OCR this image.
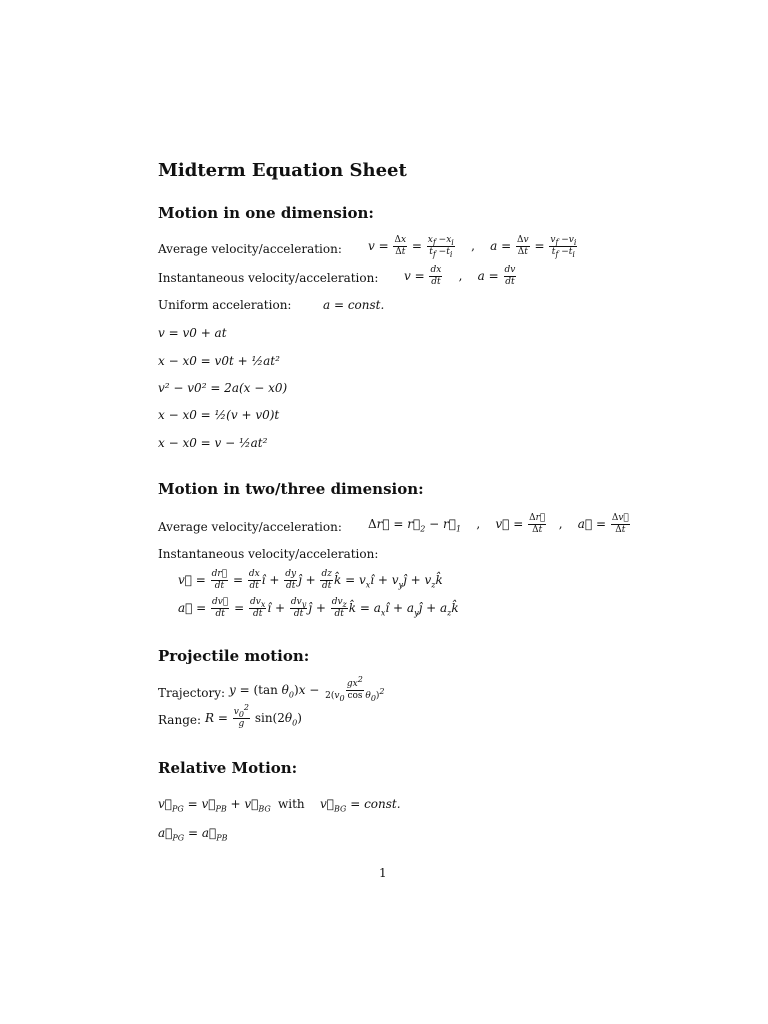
Midterm Equation Sheet
Motion in one dimension:
Average velocity/acceleration: $v = \frac{\Delta x}{\Delta t} = \frac{x_f -x_i}{t_f -t_i}$ ,    $a = \frac{\Delta v}{\Delta t} = \frac{v_f -v_i}{t_f -t_i}$
Instantaneous velocity/acceleration: $v = \frac{dx}{dt}$ ,    $a = \frac{dv}{dt}$
Uniform acceleration:	a = const.
v = v0 + at
x − x0 = v0t + ½at²
v² − v0² = 2a(x − x0)
x − x0 = ½(v + v0)t
x − x0 = v − ½at²
Motion in two/three dimension:
Average velocity/acceleration: Δr⃗ = $r⃗_2$ − $r⃗_1$ ,    v⃗ = $\frac{\Delta r⃗}{\Delta t}$ ,    a⃗ = $\frac{\Delta v⃗}{\Delta t}$
Instantaneous velocity/acceleration:
v⃗ = $\frac{dr⃗}{dt} = \frac{dx}{dt}$ î + $\frac{dy}{dt}$ ĵ + $\frac{dz}{dt}$ k̂ = $v_xî$ + $v_yĵ$ + $v_zk̂$
a⃗ = $\frac{dv⃗}{dt} = \frac{dv_x}{dt}$ î + $\frac{dv_y}{dt}$ ĵ + $\frac{dv_z}{dt}$ k̂ = $a_xî$ + $a_yĵ$ + $a_zk̂$
Projectile motion:
Trajectory: y = (tan $\theta_0)x - \frac{gx^2}{2(v_0 \cos \theta_0)^2}$
Range: $R = \frac{v_0^2}{g} \sin(2\theta_0)$
Relative Motion:
$v⃗_{PG}$ = $v⃗_{PB}$ + $v⃗_{BG}$ with $v⃗_{BG}$ = const.
$a⃗_{PG}$ = $a⃗_{PB}$
1
